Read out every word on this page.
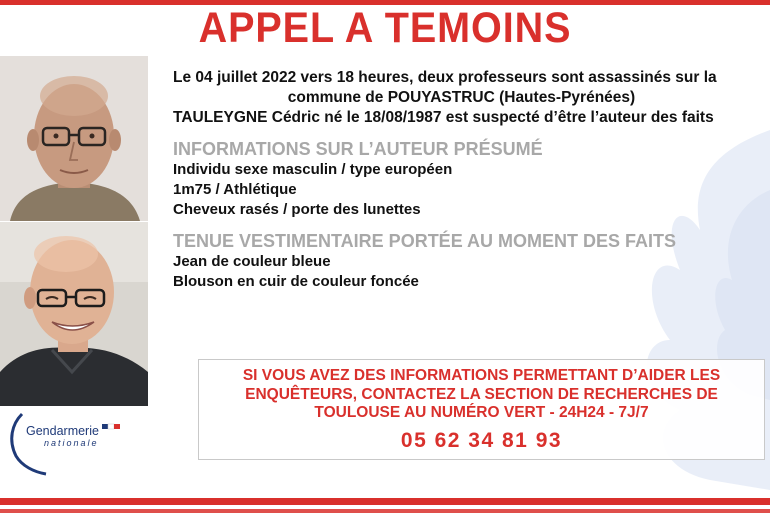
APPEL A TEMOINS
Le 04 juillet 2022 vers 18 heures, deux professeurs sont assassinés sur la
commune de POUYASTRUC (Hautes-Pyrénées)
TAULEYGNE Cédric né le 18/08/1987 est suspecté d’être l’auteur des faits
INFORMATIONS SUR L’AUTEUR PRÉSUMÉ
Individu sexe masculin / type européen
1m75 / Athlétique
Cheveux rasés / porte des lunettes
TENUE VESTIMENTAIRE PORTÉE AU MOMENT DES FAITS
Jean de couleur bleue
Blouson en cuir de couleur foncée
SI VOUS AVEZ DES INFORMATIONS PERMETTANT D’AIDER LES
ENQUÊTEURS, CONTACTEZ LA SECTION DE RECHERCHES DE
TOULOUSE AU NUMÉRO VERT - 24H24 - 7J/7
05 62 34 81 93
Gendarmerie
nationale
